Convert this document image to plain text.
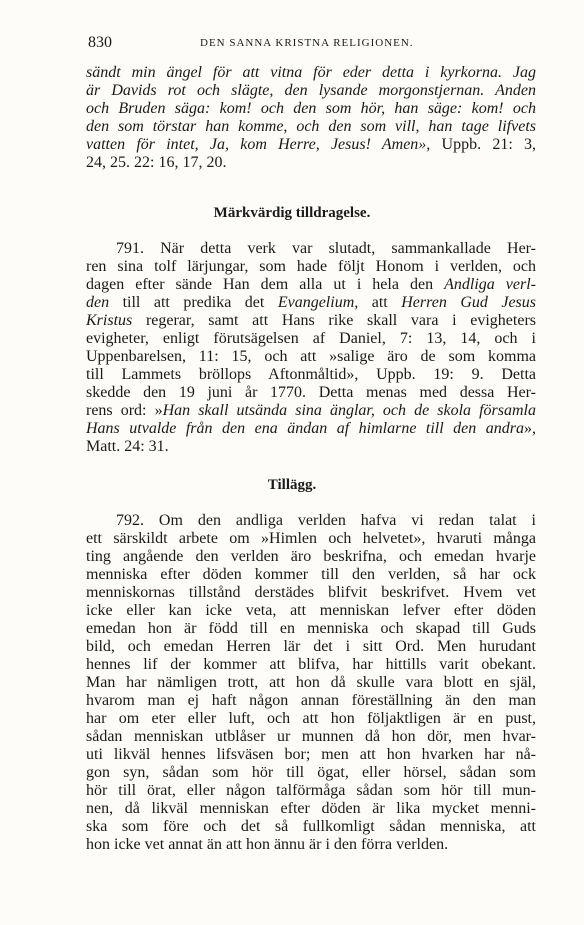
830	DEN SANNA KRISTNA RELIGIONEN.
sändt min ängel för att vitna för eder detta i kyrkorna. Jag
är Davids rot och slägte, den lysande morgonstjernan. Anden
och Bruden säga: kom! och den som hör, han säge: kom! och
den som törstar han komme, och den som vill, han tage lifvets
vatten för intet, Ja, kom Herre, Jesus! Amen», Uppb. 21: 3,
24, 25. 22: 16, 17, 20.
Märkvärdig tilldragelse.
791. När detta verk var slutadt, sammankallade Her-
ren sina tolf lärjungar, som hade följt Honom i verlden, och
dagen efter sände Han dem alla ut i hela den Andliga verl-
den till att predika det Evangelium, att Herren Gud Jesus
Kristus regerar, samt att Hans rike skall vara i evigheters
evigheter, enligt förutsägelsen af Daniel, 7: 13, 14, och i
Uppenbarelsen, 11: 15, och att »salige äro de som komma
till Lammets bröllops Aftonmåltid», Uppb. 19: 9. Detta
skedde den 19 juni år 1770. Detta menas med dessa Her-
rens ord: »Han skall utsända sina änglar, och de skola församla
Hans utvalde från den ena ändan af himlarne till den andra»,
Matt. 24: 31.
Tillägg.
792. Om den andliga verlden hafva vi redan talat i
ett särskildt arbete om »Himlen och helvetet», hvaruti många
ting angående den verlden äro beskrifna, och emedan hvarje
menniska efter döden kommer till den verlden, så har ock
menniskornas tillstånd derstädes blifvit beskrifvet. Hvem vet
icke eller kan icke veta, att menniskan lefver efter döden
emedan hon är född till en menniska och skapad till Guds
bild, och emedan Herren lär det i sitt Ord. Men hurudant
hennes lif der kommer att blifva, har hittills varit obekant.
Man har nämligen trott, att hon då skulle vara blott en själ,
hvarom man ej haft någon annan föreställning än den man
har om eter eller luft, och att hon följaktligen är en pust,
sådan menniskan utblåser ur munnen då hon dör, men hvar-
uti likväl hennes lifsväsen bor; men att hon hvarken har nå-
gon syn, sådan som hör till ögat, eller hörsel, sådan som
hör till örat, eller någon talförmåga sådan som hör till mun-
nen, då likväl menniskan efter döden är lika mycket menni-
ska som före och det så fullkomligt sådan menniska, att
hon icke vet annat än att hon ännu är i den förra verlden.
